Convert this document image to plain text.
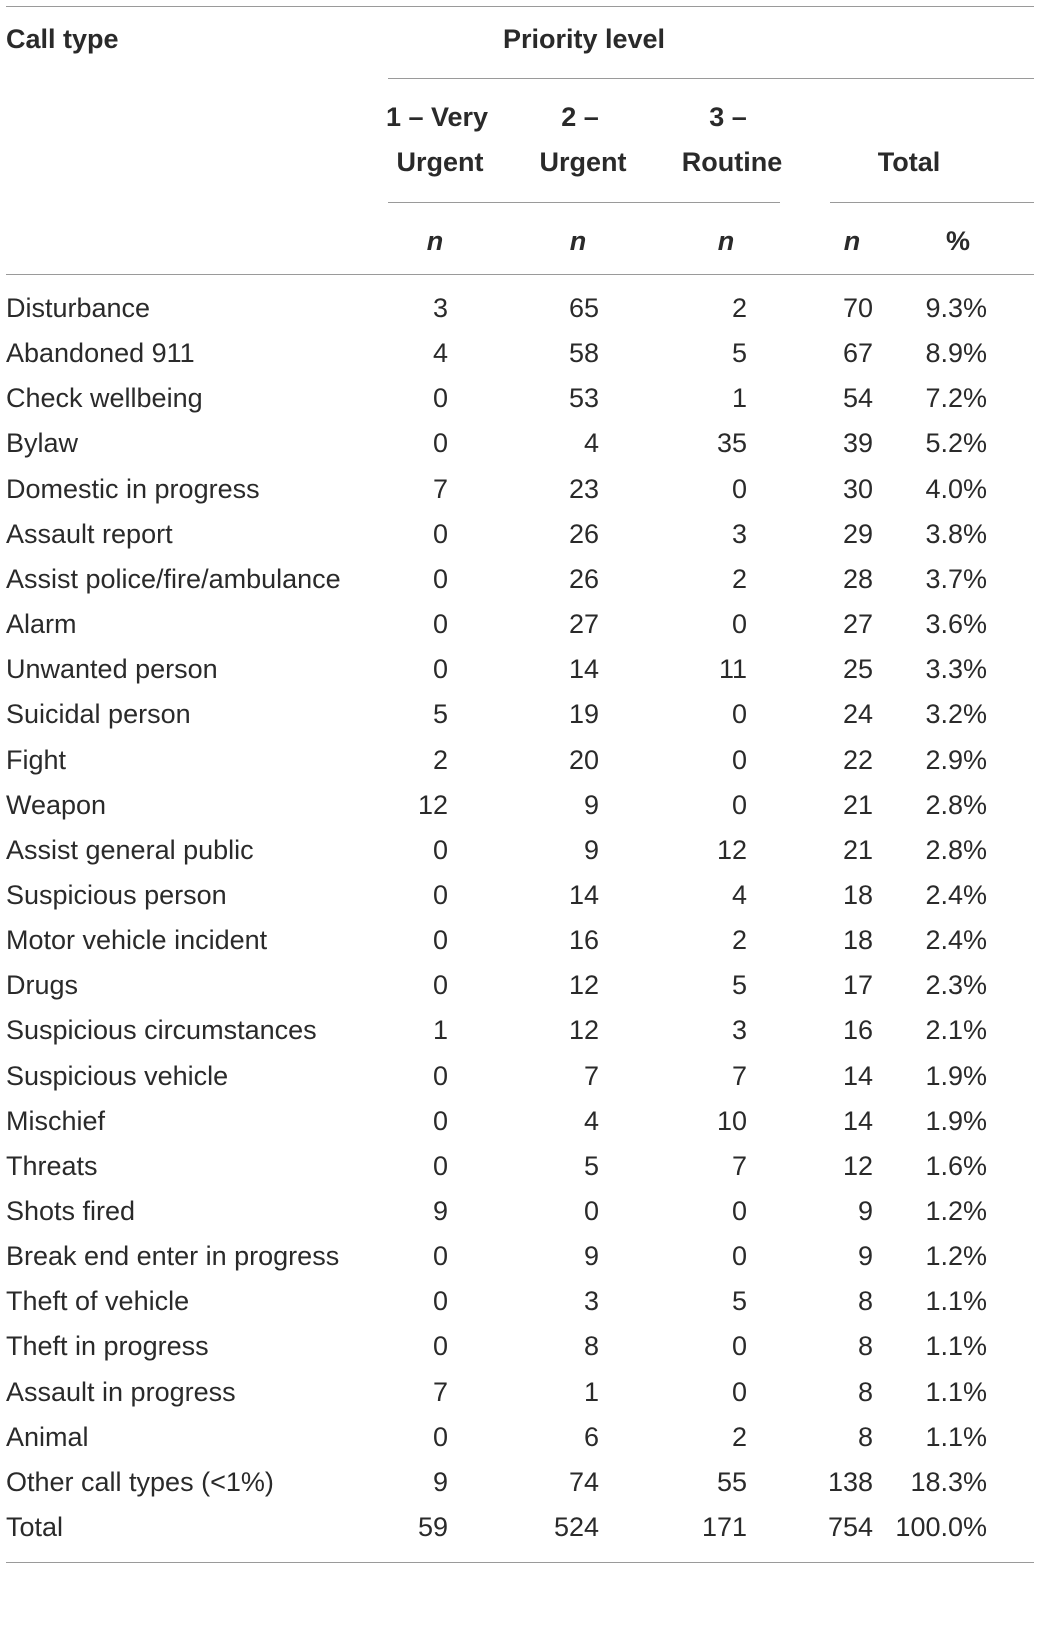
Call type	Priority level
1 – Very
Urgent
2 –
Urgent
3 –
Routine	Total
n	n	n	n	%
Disturbance	3	65	2	70 9.3%
Abandoned 911	4	58	5	67 8.9%
Check wellbeing	0	53	1	54 7.2%
Bylaw	0	4	35	39 5.2%
Domestic in progress	7	23	0	30 4.0%
Assault report	0	26	3	29 3.8%
Assist police/fire/ambulance	0	26	2	28 3.7%
Alarm	0	27	0	27 3.6%
Unwanted person	0	14	11	25 3.3%
Suicidal person	5	19	0	24 3.2%
Fight	2	20	0	22 2.9%
Weapon	12	9	0	21 2.8%
Assist general public	0	9	12	21 2.8%
Suspicious person	0	14	4	18 2.4%
Motor vehicle incident	0	16	2	18 2.4%
Drugs	0	12	5	17 2.3%
Suspicious circumstances	1	12	3	16 2.1%
Suspicious vehicle	0	7	7	14 1.9%
Mischief	0	4	10	14 1.9%
Threats	0	5	7	12 1.6%
Shots fired	9	0	0	9 1.2%
Break end enter in progress	0	9	0	9 1.2%
Theft of vehicle	0	3	5	8 1.1%
Theft in progress	0	8	0	8 1.1%
Assault in progress	7	1	0	8 1.1%
Animal	0	6	2	8 1.1%
Other call types (<1%)	9	74	55	138 18.3%
Total	59	524	171	754 100.0%
